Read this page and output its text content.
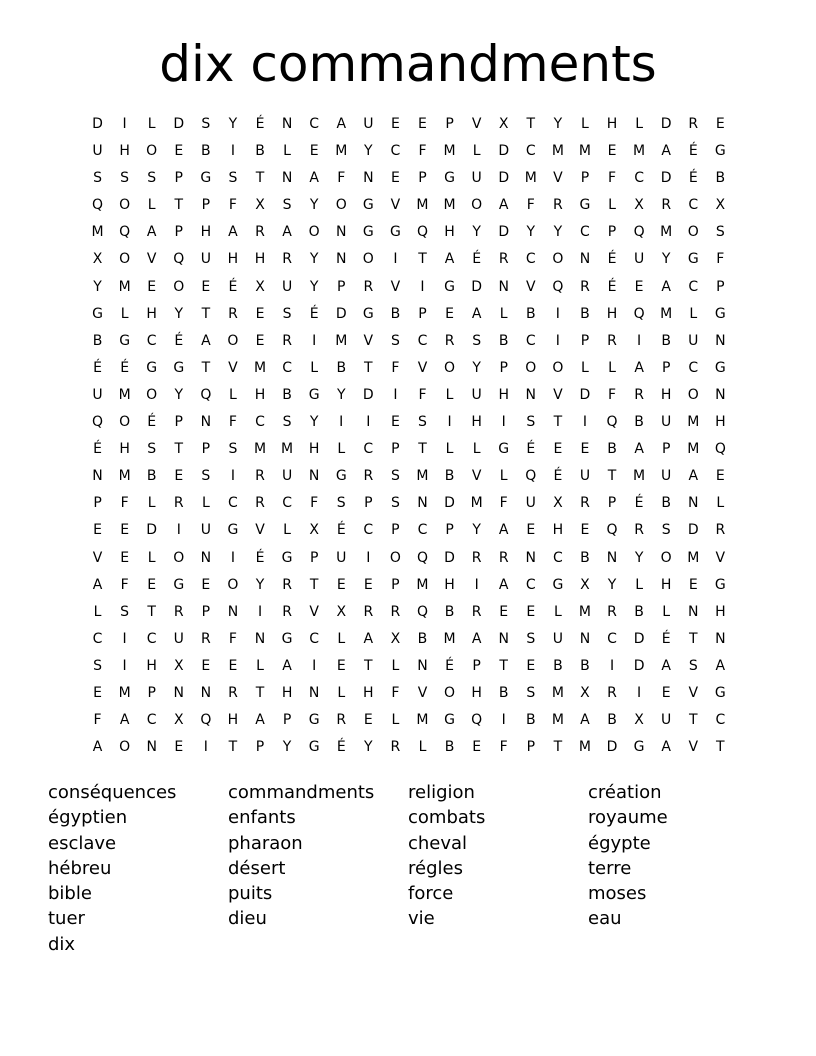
dix commandments
D	I	L	D	S	Y	É	N	C	A	U	E	E	P	V	X	T	Y	L	H	L	D	R	E
U	H	O	E	B	I	B	L	E	M	Y	C	F	M	L	D	C	M	M	E	M	A	É	G
S	S	S	P	G	S	T	N	A	F	N	E	P	G	U	D	M	V	P	F	C	D	É	B
Q	O	L	T	P	F	X	S	Y	O	G	V	M	M	O	A	F	R	G	L	X	R	C	X
M	Q	A	P	H	A	R	A	O	N	G	G	Q	H	Y	D	Y	Y	C	P	Q	M	O	S
X	O	V	Q	U	H	H	R	Y	N	O	I	T	A	É	R	C	O	N	É	U	Y	G	F
Y	M	E	O	E	É	X	U	Y	P	R	V	I	G	D	N	V	Q	R	É	E	A	C	P
G	L	H	Y	T	R	E	S	É	D	G	B	P	E	A	L	B	I	B	H	Q	M	L	G
B	G	C	É	A	O	E	R	I	M	V	S	C	R	S	B	C	I	P	R	I	B	U	N
É	É	G	G	T	V	M	C	L	B	T	F	V	O	Y	P	O	O	L	L	A	P	C	G
U	M	O	Y	Q	L	H	B	G	Y	D	I	F	L	U	H	N	V	D	F	R	H	O	N
Q	O	É	P	N	F	C	S	Y	I	I	E	S	I	H	I	S	T	I	Q	B	U	M	H
É	H	S	T	P	S	M	M	H	L	C	P	T	L	L	G	É	E	E	B	A	P	M	Q
N	M	B	E	S	I	R	U	N	G	R	S	M	B	V	L	Q	É	U	T	M	U	A	E
P	F	L	R	L	C	R	C	F	S	P	S	N	D	M	F	U	X	R	P	É	B	N	L
E	E	D	I	U	G	V	L	X	É	C	P	C	P	Y	A	E	H	E	Q	R	S	D	R
V	E	L	O	N	I	É	G	P	U	I	O	Q	D	R	R	N	C	B	N	Y	O	M	V
A	F	E	G	E	O	Y	R	T	E	E	P	M	H	I	A	C	G	X	Y	L	H	E	G
L	S	T	R	P	N	I	R	V	X	R	R	Q	B	R	E	E	L	M	R	B	L	N	H
C	I	C	U	R	F	N	G	C	L	A	X	B	M	A	N	S	U	N	C	D	É	T	N
S	I	H	X	E	E	L	A	I	E	T	L	N	É	P	T	E	B	B	I	D	A	S	A
E	M	P	N	N	R	T	H	N	L	H	F	V	O	H	B	S	M	X	R	I	E	V	G
F	A	C	X	Q	H	A	P	G	R	E	L	M	G	Q	I	B	M	A	B	X	U	T	C
A	O	N	E	I	T	P	Y	G	É	Y	R	L	B	E	F	P	T	M	D	G	A	V	T
conséquences	commandments	religion	création
égyptien	enfants	combats	royaume
esclave	pharaon	cheval	égypte
hébreu	désert	régles	terre
bible	puits	force	moses
tuer	dieu	vie	eau
dix
